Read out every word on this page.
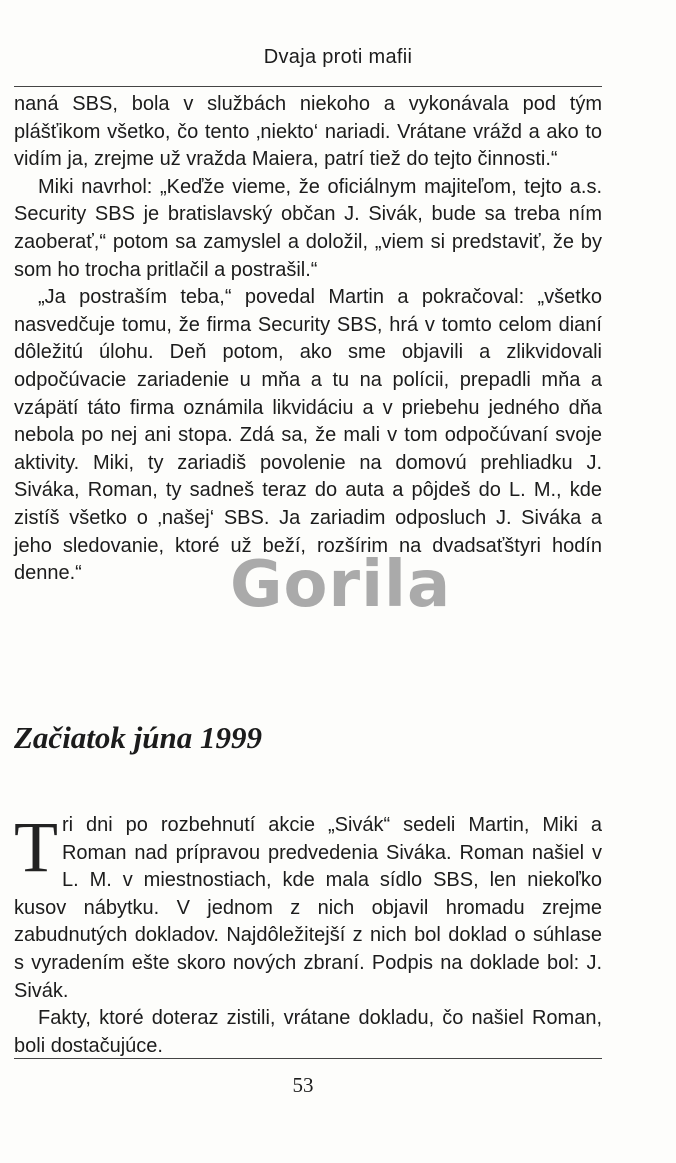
Dvaja proti mafii

naná SBS, bola v službách niekoho a vykonávala pod tým plášťikom všetko, čo tento ‚niekto‘ nariadi. Vrátane vrážd a ako to vidím ja, zrejme už vražda Maiera, patrí tiež do tejto činnosti.“

Miki navrhol: „Keďže vieme, že oficiálnym majiteľom, tejto a.s. Security SBS je bratislavský občan J. Sivák, bude sa treba ním zaoberať,“ potom sa zamyslel a doložil, „viem si predstaviť, že by som ho trocha pritlačil a postrašil.“

„Ja postraším teba,“ povedal Martin a pokračoval: „všetko nasvedčuje tomu, že firma Security SBS, hrá v tomto celom dianí dôležitú úlohu. Deň potom, ako sme objavili a zlikvidovali odpočúvacie zariadenie u mňa a tu na polícii, prepadli mňa a vzápätí táto firma oznámila likvidáciu a v priebehu jedného dňa nebola po nej ani stopa. Zdá sa, že mali v tom odpočúvaní svoje aktivity. Miki, ty zariadiš povolenie na domovú prehliadku J. Siváka, Roman, ty sadneš teraz do auta a pôjdeš do L. M., kde zistíš všetko o ‚našej‘ SBS. Ja zariadim odposluch J. Siváka a jeho sledovanie, ktoré už beží, rozšírim na dvadsaťštyri hodín denne.“	Gorila
Začiatok júna 1999
T ri dni po rozbehnutí akcie „Sivák“ sedeli Martin, Miki a Roman nad prípravou predvedenia Siváka. Roman našiel v L. M. v miestnostiach, kde mala sídlo SBS, len niekoľko kusov nábytku. V jednom z nich objavil hromadu zrejme zabudnutých dokladov. Najdôležitejší z nich bol doklad o súhlase s vyradením ešte skoro nových zbraní. Podpis na doklade bol: J. Sivák.

Fakty, ktoré doteraz zistili, vrátane dokladu, čo našiel Roman, boli dostačujúce.

53
